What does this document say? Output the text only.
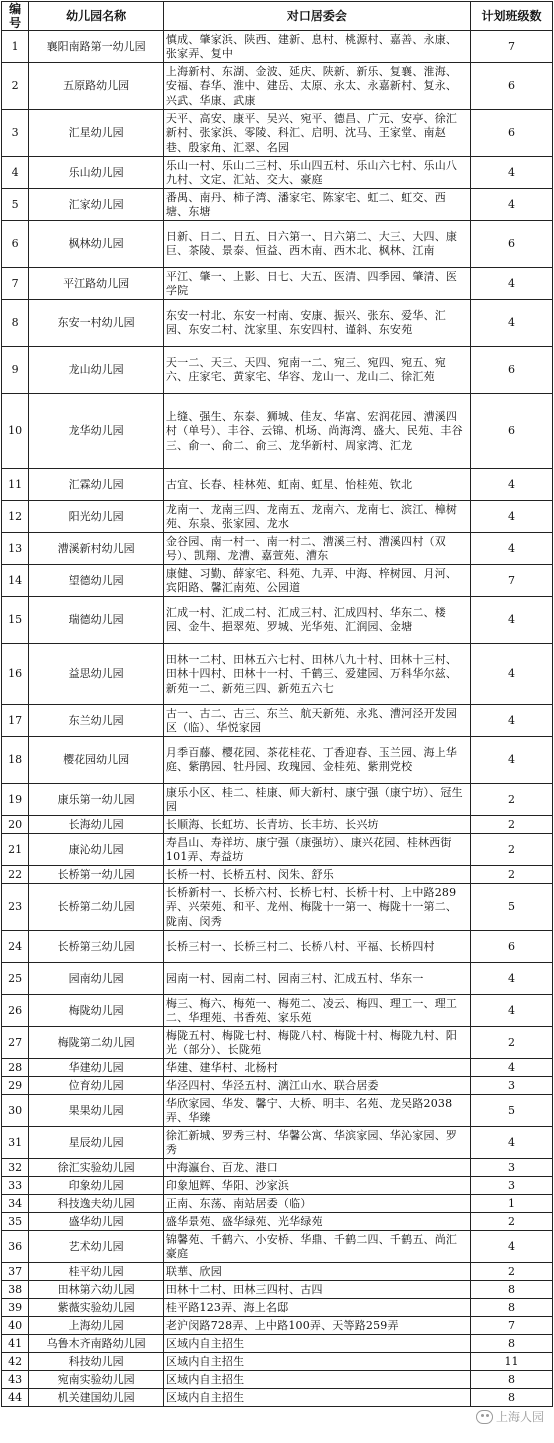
编号	幼儿园名称	对口居委会	计划班级数
1	襄阳南路第一幼儿园	慎成、肇家浜、陕西、建新、息村、桃源村、嘉善、永康、张家弄、复中	7
2	五原路幼儿园	上海新村、东湖、金波、延庆、陕新、新乐、复襄、淮海、安福、春华、淮中、建岳、太原、永太、永嘉新村、复永、兴武、华康、武康	6
3	汇星幼儿园	天平、高安、康平、吴兴、宛平、德昌、广元、安亭、徐汇新村、张家浜、零陵、科汇、启明、沈马、王家堂、南赵巷、殷家角、汇翠、名园	6
4	乐山幼儿园	乐山一村、乐山二三村、乐山四五村、乐山六七村、乐山八九村、文定、汇站、交大、豪庭	4
5	汇家幼儿园	番禺、南丹、柿子湾、潘家宅、陈家宅、虹二、虹交、西塘、东塘	4
6	枫林幼儿园	日新、日二、日五、日六第一、日六第二、大三、大四、康巨、茶陵、景泰、恒益、西木南、西木北、枫林、江南	6
7	平江路幼儿园	平江、肇一、上影、日七、大五、医清、四季园、肇清、医学院	4
8	东安一村幼儿园	东安一村北、东安一村南、安康、振兴、张东、爱华、汇园、东安二村、沈家里、东安四村、谨斜、东安苑	4
9	龙山幼儿园	天一二、天三、天四、宛南一二、宛三、宛四、宛五、宛六、庄家宅、黄家宅、华容、龙山一、龙山二、徐汇苑	6
10	龙华幼儿园	上缝、强生、东泰、狮城、佳友、华富、宏润花园、漕溪四村（单号）、丰谷、云锦、机场、尚海湾、盛大、民苑、丰谷三、俞一、俞二、俞三、龙华新村、周家湾、汇龙	6
11	汇霖幼儿园	古宜、长春、桂林苑、虹南、虹星、怡桂苑、钦北	4
12	阳光幼儿园	龙南一、龙南三四、龙南五、龙南六、龙南七、滨江、樟树苑、东泉、张家园、龙水	4
13	漕溪新村幼儿园	金谷园、南一村一、南一村二、漕溪三村、漕溪四村（双号）、凯翔、龙漕、嘉萱苑、漕东	4
14	望德幼儿园	康健、习勤、薛家宅、科苑、九弄、中海、梓树园、月河、宾阳路、馨汇南苑、公园道	7
15	瑞德幼儿园	汇成一村、汇成二村、汇成三村、汇成四村、华东二、楼园、金牛、挹翠苑、罗城、光华苑、汇润园、金塘	4
16	益思幼儿园	田林一二村、田林五六七村、田林八九十村、田林十三村、田林十四村、田林十一村、千鹤三、爱建园、万科华尔兹、新苑一二、新苑三四、新苑五六七	4
17	东兰幼儿园	古一、古二、古三、东兰、航天新苑、永兆、漕河泾开发园区（临）、华悦家园	4
18	樱花园幼儿园	月季百藤、樱花园、茶花桂花、丁香迎春、玉兰园、海上华庭、紫鹃园、牡丹园、玫瑰园、金桂苑、紫荆党校	4
19	康乐第一幼儿园	康乐小区、桂二、桂康、师大新村、康宁强（康宁坊）、冠生园	2
20	长海幼儿园	长顺海、长虹坊、长青坊、长丰坊、长兴坊	2
21	康沁幼儿园	寿昌山、寿祥坊、康宁强（康强坊）、康兴花园、桂林西街101弄、寿益坊	2
22	长桥第一幼儿园	长桥一村、长桥五村、闵朱、舒乐	2
23	长桥第二幼儿园	长桥新村一、长桥六村、长桥七村、长桥十村、上中路289弄、兴荣苑、和平、龙州、梅陇十一第一、梅陇十一第二、陇南、闵秀	5
24	长桥第三幼儿园	长桥三村一、长桥三村二、长桥八村、平福、长桥四村	6
25	园南幼儿园	园南一村、园南二村、园南三村、汇成五村、华东一	4
26	梅陇幼儿园	梅三、梅六、梅苑一、梅苑二、凌云、梅四、理工一、理工二、华理苑、书香苑、家乐苑	4
27	梅陇第二幼儿园	梅陇五村、梅陇七村、梅陇八村、梅陇十村、梅陇九村、阳光（部分）、长陇苑	2
28	华建幼儿园	华建、建华村、北杨村	4
29	位育幼儿园	华泾四村、华泾五村、漓江山水、联合居委	3
30	果果幼儿园	华欣家园、华发、馨宁、大桥、明丰、名苑、龙吴路2038弄、华臻	5
31	星辰幼儿园	徐汇新城、罗秀三村、华馨公寓、华滨家园、华沁家园、罗秀	4
32	徐汇实验幼儿园	中海瀛台、百龙、港口	3
33	印象幼儿园	印象旭辉、华阳、沙家浜	3
34	科技逸夫幼儿园	正南、东荡、南站居委（临）	1
35	盛华幼儿园	盛华景苑、盛华绿苑、光华绿苑	2
36	艺术幼儿园	锦馨苑、千鹤六、小安桥、华鼎、千鹤二四、千鹤五、尚汇豪庭	4
37	桂平幼儿园	联華、欣园	2
38	田林第六幼儿园	田林十二村、田林三四村、古四	8
39	紫薇实验幼儿园	桂平路123弄、海上名邸	8
40	上海幼儿园	老沪闵路728弄、上中路100弄、天等路259弄	7
41	乌鲁木齐南路幼儿园	区域内自主招生	8
42	科技幼儿园	区域内自主招生	11
43	宛南实验幼儿园	区域内自主招生	8
44	机关建国幼儿园	区域内自主招生	8
上海人园
